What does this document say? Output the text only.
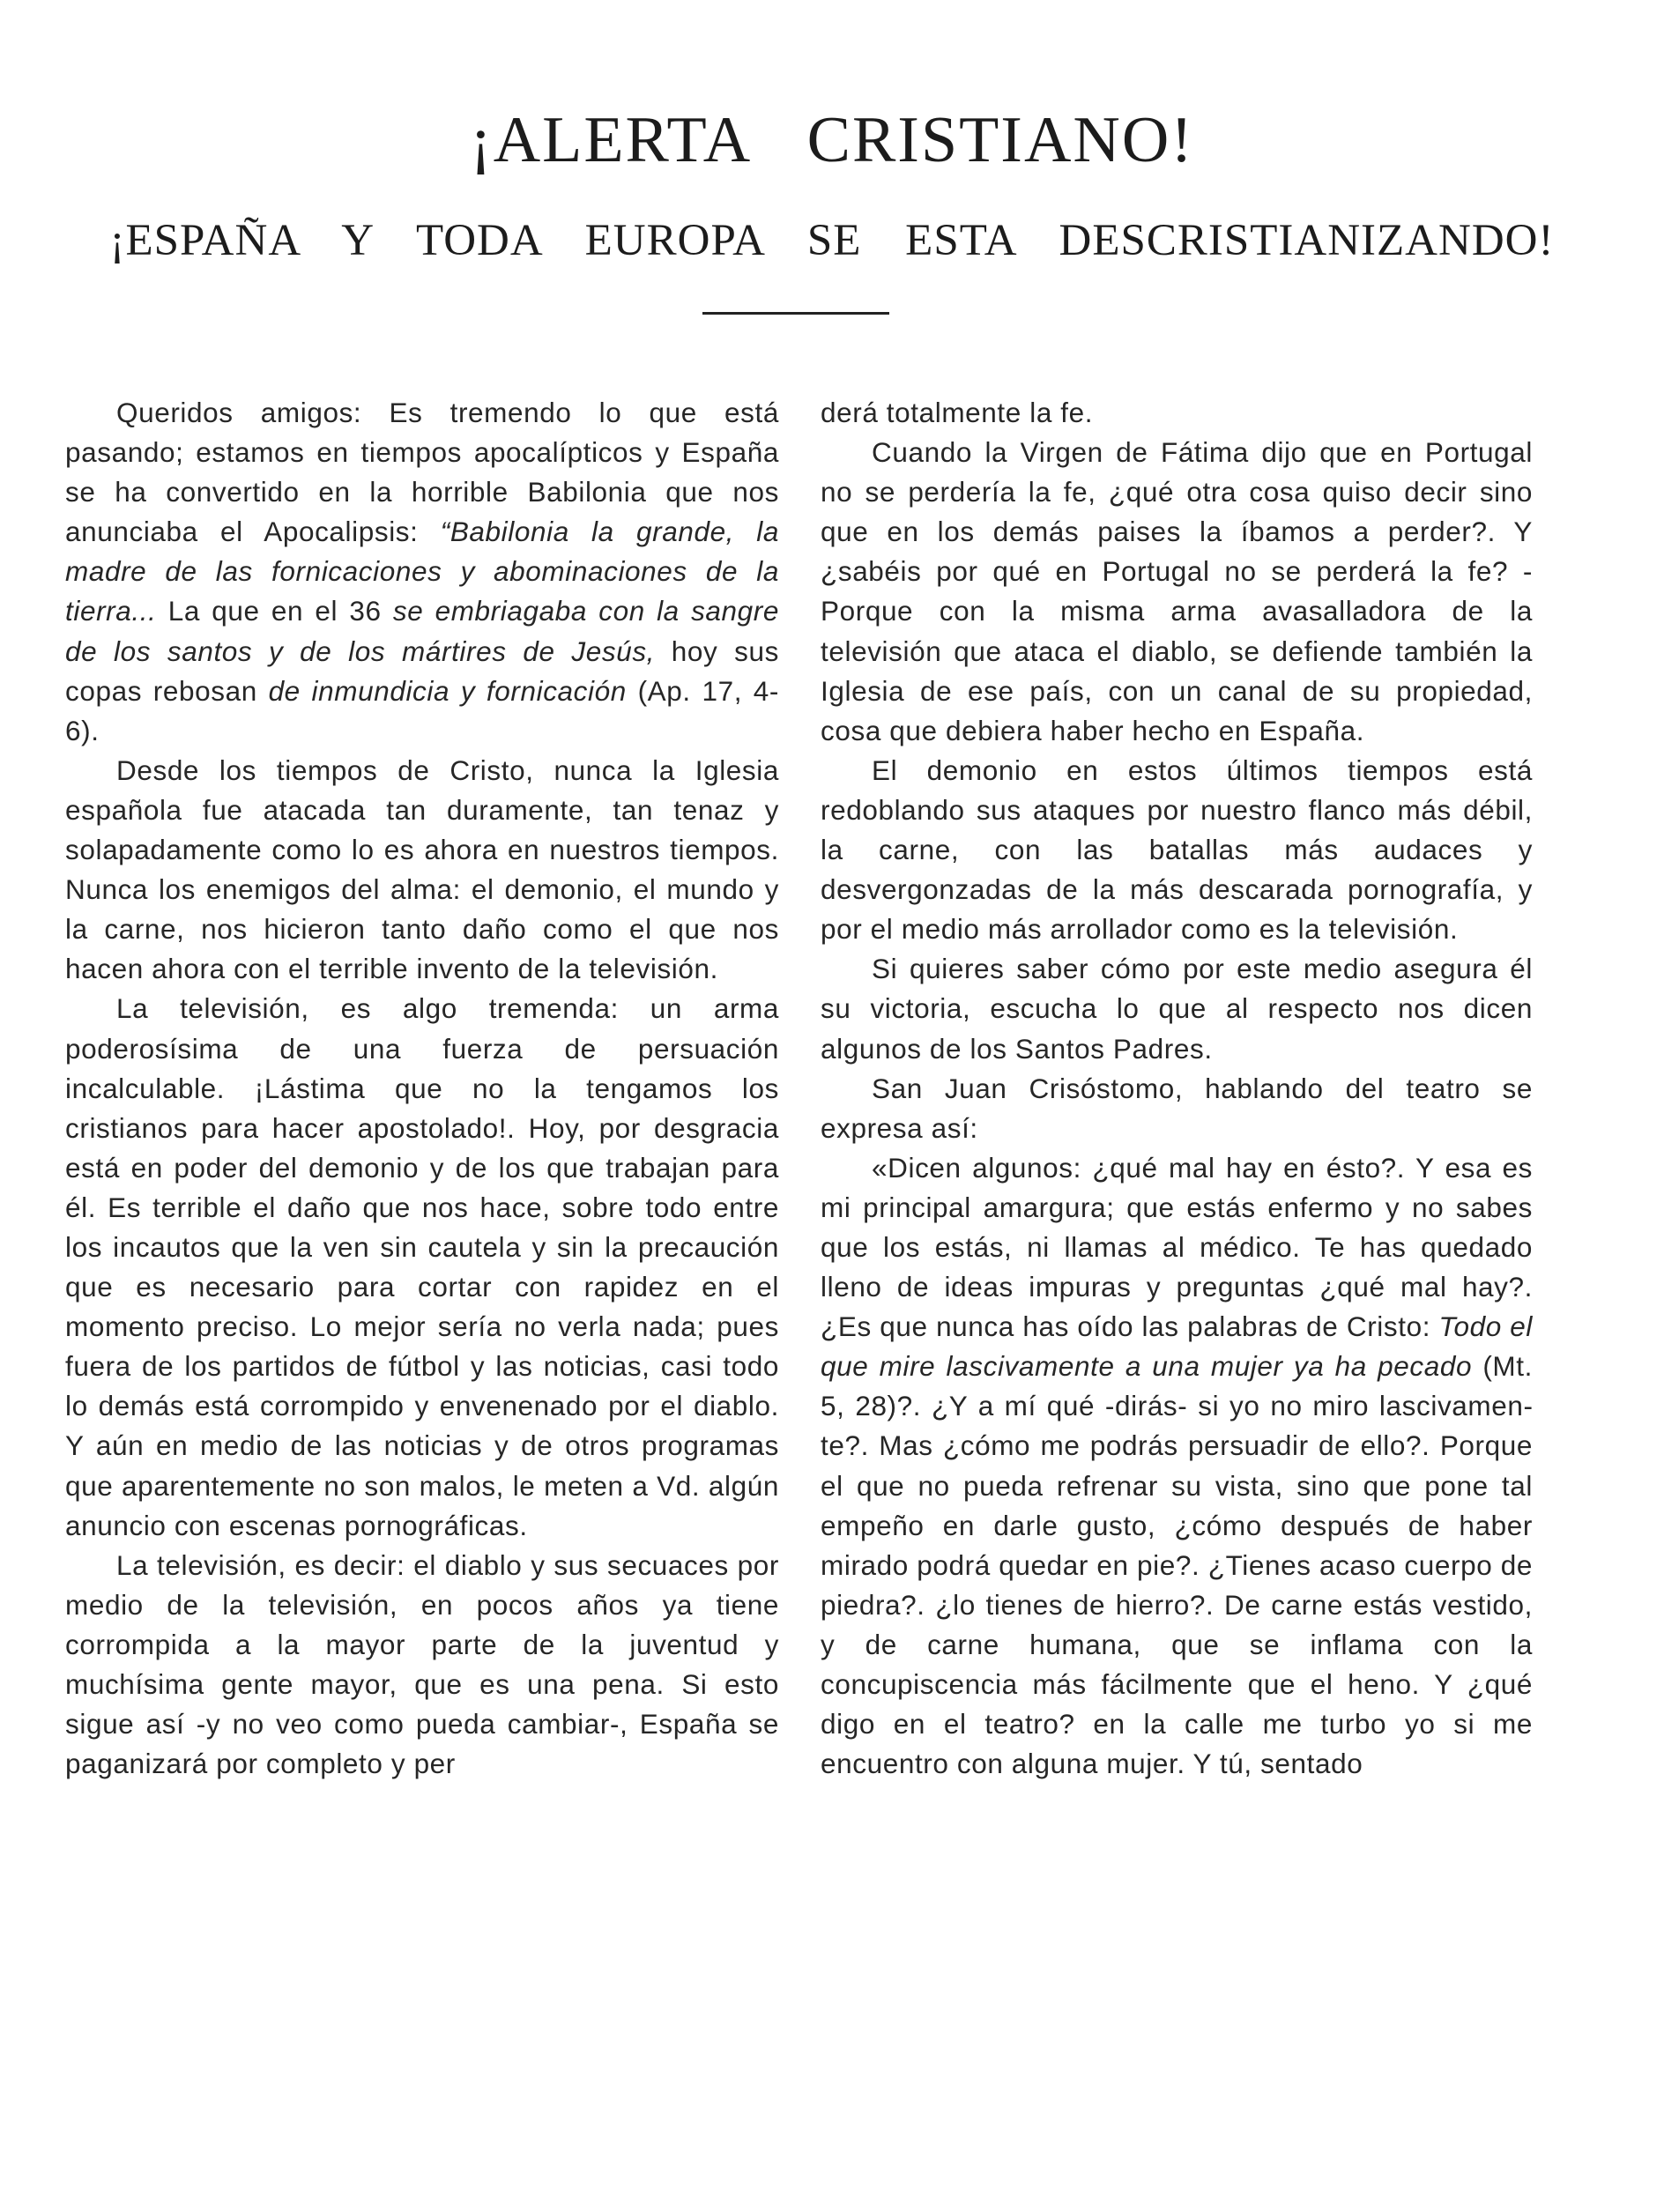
¡ALERTA CRISTIANO!
¡ESPAÑA Y TODA EUROPA SE ESTA DESCRISTIANIZANDO!

Queridos amigos: Es tremendo lo que está pasando; estamos en tiempos apocalípticos y España se ha convertido en la horrible Babilonia que nos anunciaba el Apocalipsis: “Babilonia la grande, la madre de las fornicaciones y abominaciones de la tierra... La que en el 36 se embriagaba con la sangre de los santos y de los mártires de Jesús, hoy sus copas rebosan de inmundicia y fornicación (Ap. 17, 4-6).

Desde los tiempos de Cristo, nunca la Iglesia española fue atacada tan duramente, tan tenaz y solapadamente como lo es ahora en nuestros tiempos. Nunca los enemigos del alma: el demonio, el mundo y la carne, nos hicieron tanto daño como el que nos hacen ahora con el terrible invento de la televisión.

La televisión, es algo tremenda: un arma poderosísima de una fuerza de persuación incalculable. ¡Lástima que no la tengamos los cristianos para hacer apostolado!. Hoy, por desgracia está en poder del demonio y de los que trabajan para él. Es terrible el daño que nos hace, sobre todo entre los incautos que la ven sin cautela y sin la precaución que es necesario para cortar con rapidez en el momento preciso. Lo mejor sería no verla nada; pues fuera de los partidos de fútbol y las noticias, casi todo lo demás está corrompido y envenenado por el diablo. Y aún en medio de las noticias y de otros programas que aparentemente no son malos, le meten a Vd. algún anuncio con escenas pornográficas.

La televisión, es decir: el diablo y sus secuaces por medio de la televisión, en pocos años ya tiene corrompida a la mayor parte de la juventud y muchísima gente mayor, que es una pena. Si esto sigue así -y no veo como pueda cambiar-, España se paganizará por completo y per

derá totalmente la fe.

Cuando la Virgen de Fátima dijo que en Portugal no se perdería la fe, ¿qué otra cosa quiso decir sino que en los demás paises la íbamos a perder?. Y ¿sabéis por qué en Portugal no se perderá la fe? - Porque con la misma arma avasalladora de la televisión que ataca el diablo, se defiende también la Iglesia de ese país, con un canal de su propiedad, cosa que debiera haber hecho en España.

El demonio en estos últimos tiempos está redoblando sus ataques por nuestro flanco más débil, la carne, con las batallas más audaces y desvergonzadas de la más descarada pornografía, y por el medio más arrollador como es la televisión.

Si quieres saber cómo por este medio asegura él su victoria, escucha lo que al respecto nos dicen algunos de los Santos Padres.

San Juan Crisóstomo, hablando del teatro se expresa así:

«Dicen algunos: ¿qué mal hay en ésto?. Y esa es mi principal amargura; que estás enfermo y no sabes que los estás, ni llamas al médico. Te has quedado lleno de ideas impuras y preguntas ¿qué mal hay?. ¿Es que nunca has oído las palabras de Cristo: Todo el que mire lascivamente a una mujer ya ha pecado (Mt. 5, 28)?. ¿Y a mí qué -dirás- si yo no miro lascivamente?. Mas ¿cómo me podrás persuadir de ello?. Porque el que no pueda refrenar su vista, sino que pone tal empeño en darle gusto, ¿cómo después de haber mirado podrá quedar en pie?. ¿Tienes acaso cuerpo de piedra?. ¿lo tienes de hierro?. De carne estás vestido, y de carne humana, que se inflama con la concupiscencia más fácilmente que el heno. Y ¿qué digo en el teatro? en la calle me turbo yo si me encuentro con alguna mujer. Y tú, sentado
